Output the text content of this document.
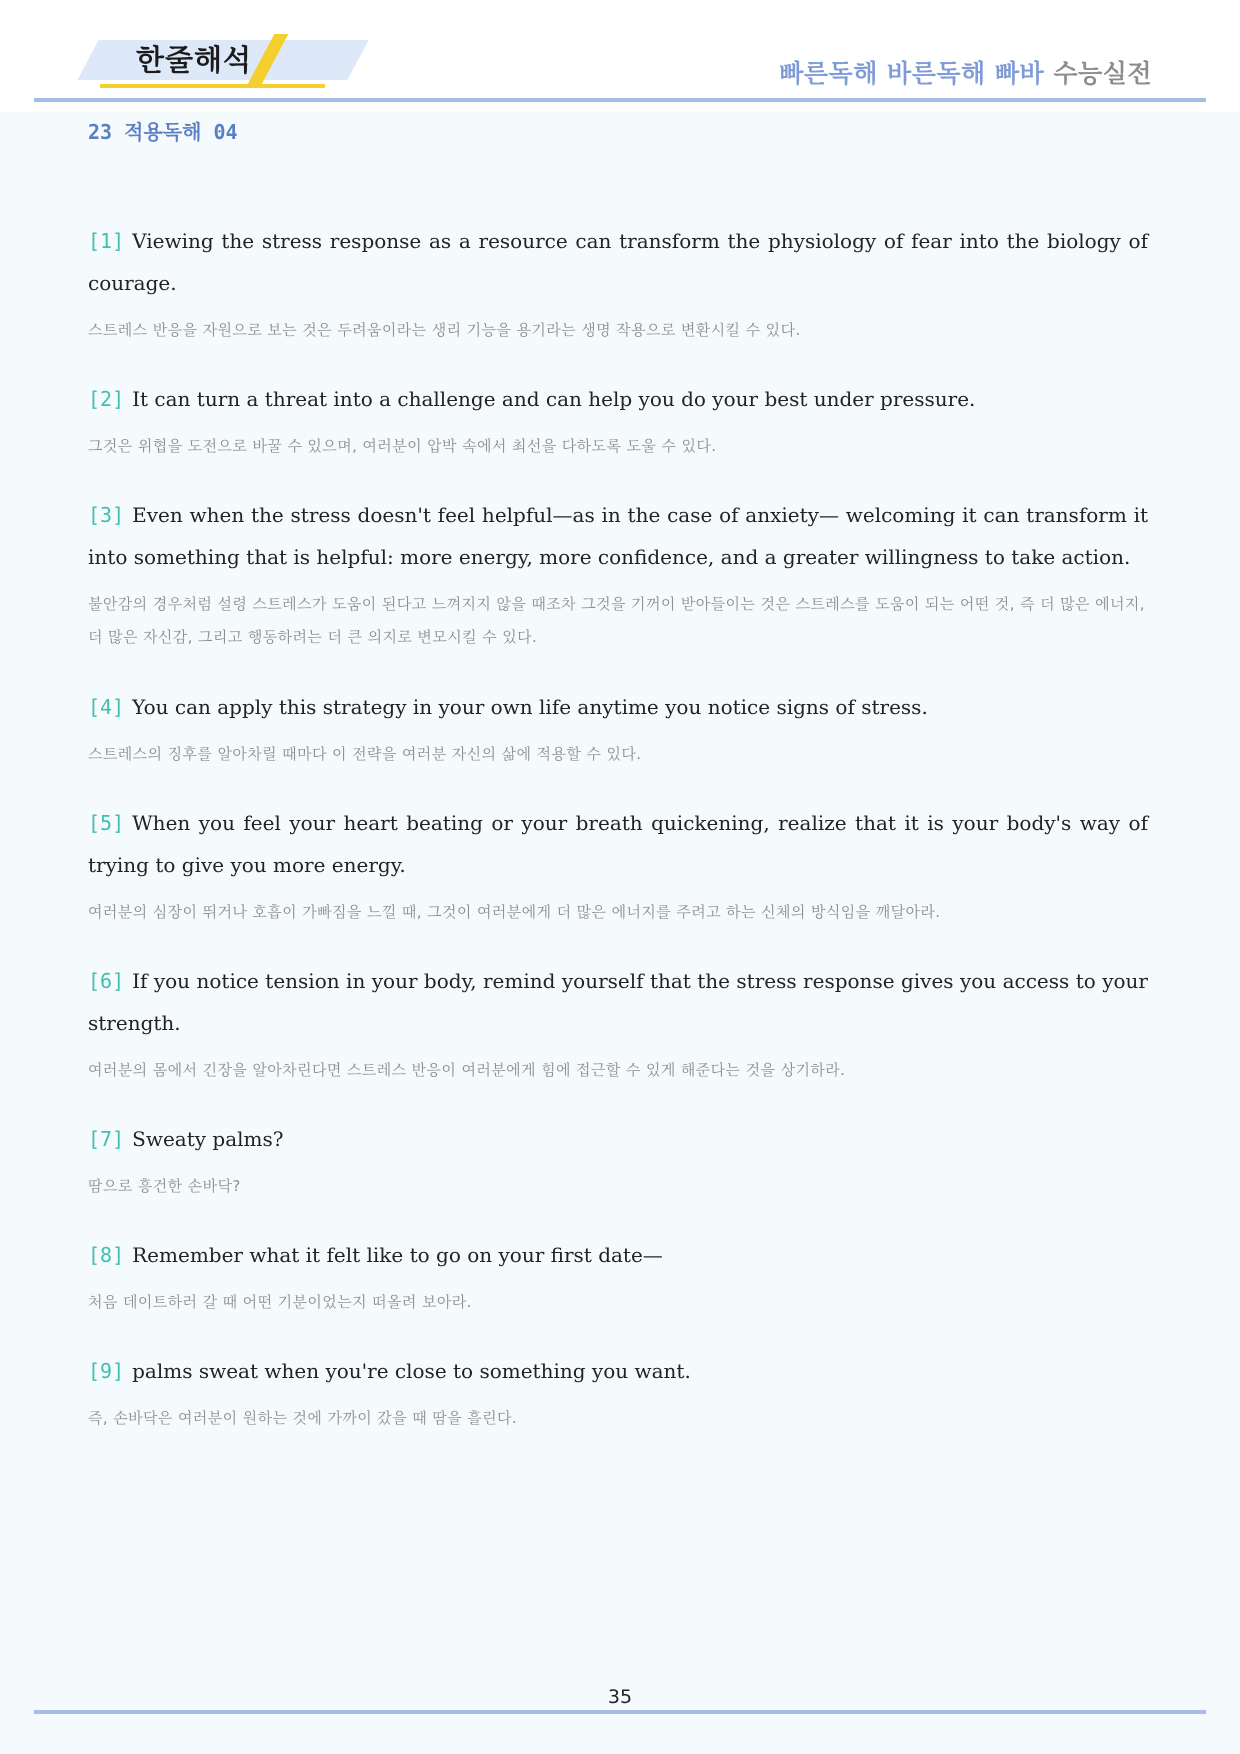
한줄해석	빠른독해 바른독해 빠바 수능실전
23 적용독해 04

[1] Viewing the stress response as a resource can transform the physiology of fear into the biology of courage.

스트레스 반응을 자원으로 보는 것은 두려움이라는 생리 기능을 용기라는 생명 작용으로 변환시킬 수 있다.

[2] It can turn a threat into a challenge and can help you do your best under pressure.

그것은 위협을 도전으로 바꿀 수 있으며, 여러분이 압박 속에서 최선을 다하도록 도울 수 있다.

[3] Even when the stress doesn't feel helpful—as in the case of anxiety— welcoming it can transform it into something that is helpful: more energy, more confidence, and a greater willingness to take action.

불안감의 경우처럼 설령 스트레스가 도움이 된다고 느껴지지 않을 때조차 그것을 기꺼이 받아들이는 것은 스트레스를 도움이 되는 어떤 것, 즉 더 많은 에너지, 더 많은 자신감, 그리고 행동하려는 더 큰 의지로 변모시킬 수 있다.

[4] You can apply this strategy in your own life anytime you notice signs of stress.

스트레스의 징후를 알아차릴 때마다 이 전략을 여러분 자신의 삶에 적용할 수 있다.

[5] When you feel your heart beating or your breath quickening, realize that it is your body's way of trying to give you more energy.

여러분의 심장이 뛰거나 호흡이 가빠짐을 느낄 때, 그것이 여러분에게 더 많은 에너지를 주려고 하는 신체의 방식임을 깨달아라.

[6] If you notice tension in your body, remind yourself that the stress response gives you access to your strength.

여러분의 몸에서 긴장을 알아차린다면 스트레스 반응이 여러분에게 힘에 접근할 수 있게 해준다는 것을 상기하라.

[7] Sweaty palms?

땀으로 흥건한 손바닥?

[8] Remember what it felt like to go on your first date—

처음 데이트하러 갈 때 어떤 기분이었는지 떠올려 보아라.

[9] palms sweat when you're close to something you want.

즉, 손바닥은 여러분이 원하는 것에 가까이 갔을 때 땀을 흘린다.

35
